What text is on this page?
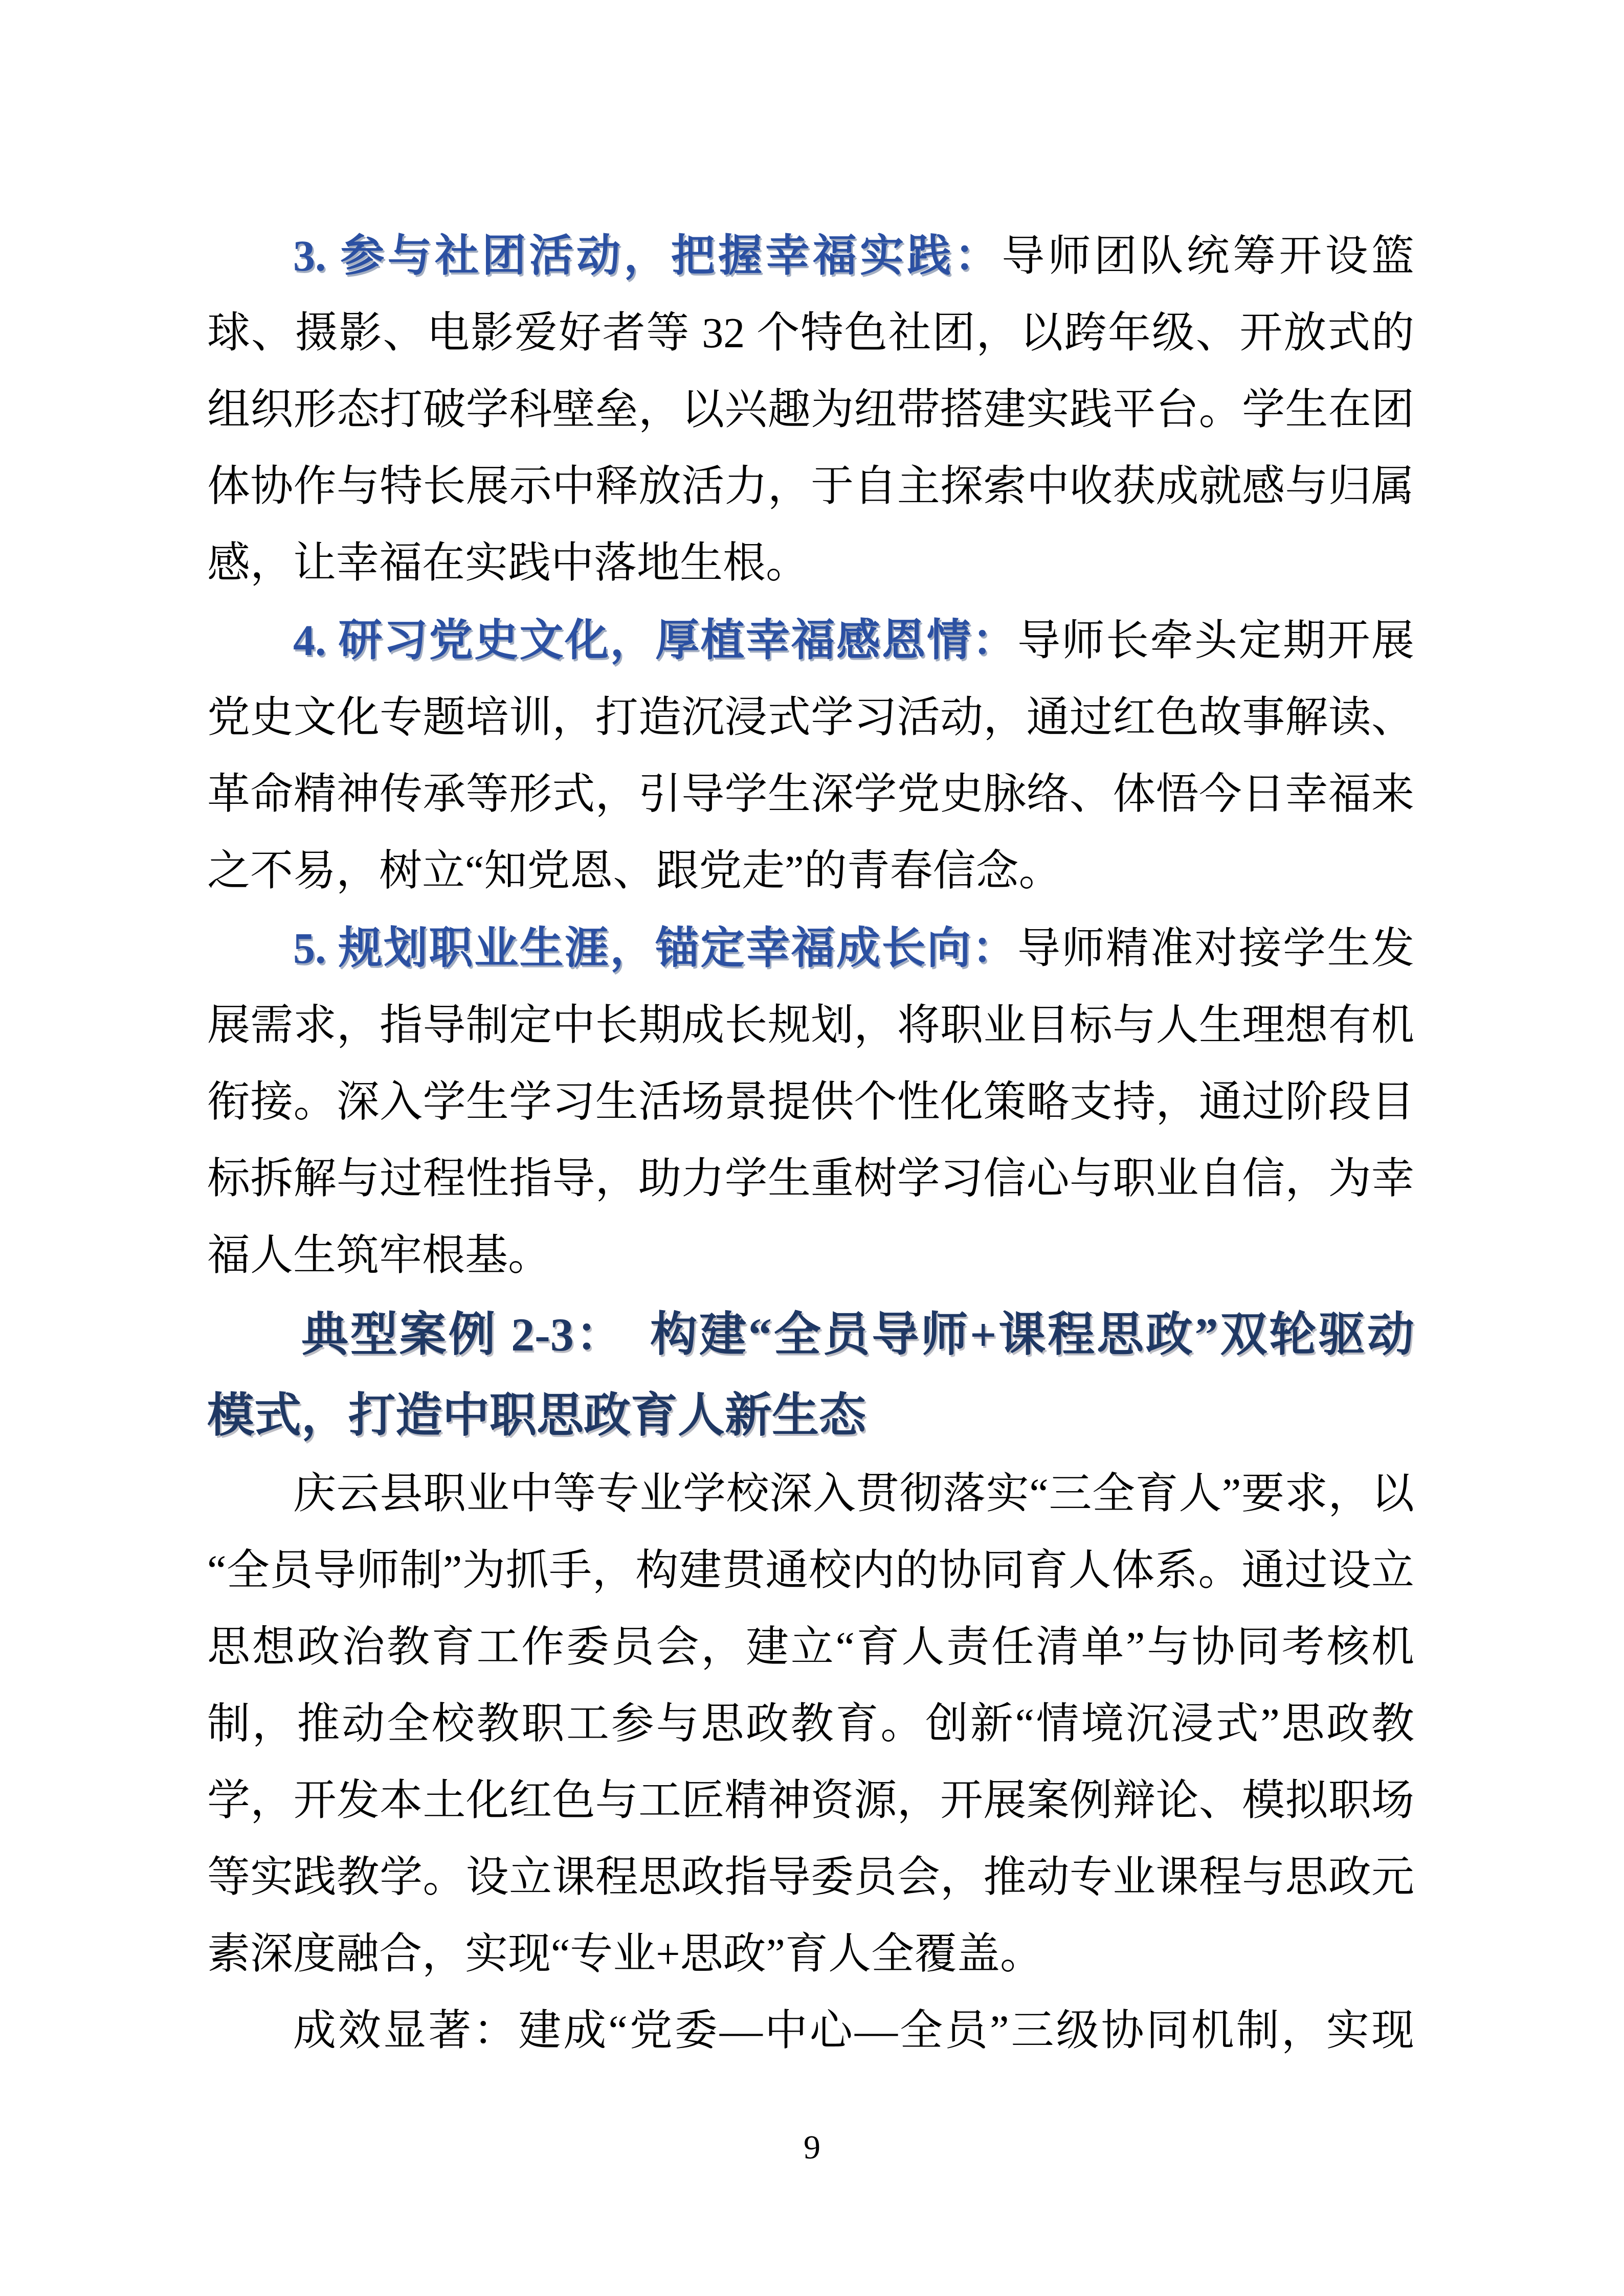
3. 参与社团活动，把握幸福实践：导师团队统筹开设篮球、摄影、电影爱好者等 32 个特色社团，以跨年级、开放式的组织形态打破学科壁垒，以兴趣为纽带搭建实践平台。学生在团体协作与特长展示中释放活力，于自主探索中收获成就感与归属感，让幸福在实践中落地生根。

4. 研习党史文化，厚植幸福感恩情：导师长牵头定期开展党史文化专题培训，打造沉浸式学习活动，通过红色故事解读、革命精神传承等形式，引导学生深学党史脉络、体悟今日幸福来之不易，树立“知党恩、跟党走”的青春信念。

5. 规划职业生涯，锚定幸福成长向：导师精准对接学生发展需求，指导制定中长期成长规划，将职业目标与人生理想有机衔接。深入学生学习生活场景提供个性化策略支持，通过阶段目标拆解与过程性指导，助力学生重树学习信心与职业自信，为幸福人生筑牢根基。

典型案例 2-3：　构建“全员导师+课程思政”双轮驱动模式，打造中职思政育人新生态

庆云县职业中等专业学校深入贯彻落实“三全育人”要求，以“全员导师制”为抓手，构建贯通校内的协同育人体系。通过设立思想政治教育工作委员会，建立“育人责任清单”与协同考核机制，推动全校教职工参与思政教育。创新“情境沉浸式”思政教学，开发本土化红色与工匠精神资源，开展案例辩论、模拟职场等实践教学。设立课程思政指导委员会，推动专业课程与思政元素深度融合，实现“专业+思政”育人全覆盖。

成效显著：建成“党委—中心—全员”三级协同机制，实现

9
